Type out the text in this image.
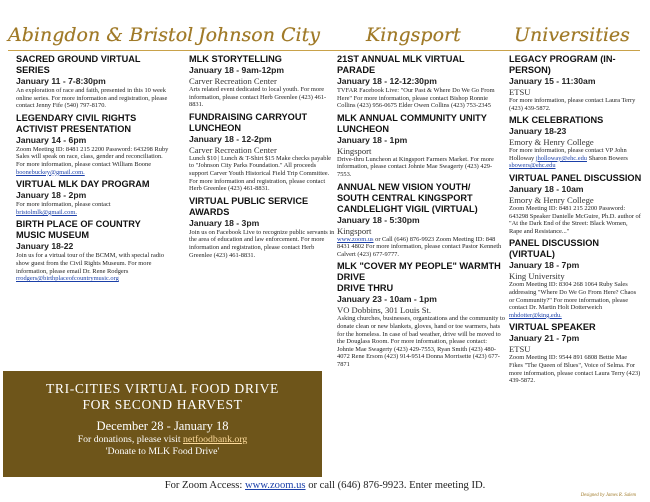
Abingdon & Bristol Johnson City Kingsport	Universities
SACRED GROUND VIRTUAL SERIES
January 11 - 7-8:30pm
An exploration of race and faith, presented in this 10 week online series. For more information and registration, please contact Jenny Fife (540) 797-8170.
LEGENDARY CIVIL RIGHTS ACTIVIST PRESENTATION
January 14 - 6pm
Zoom Meeting ID: 8481 215 2200 Password: 643298 Ruby Sales will speak on race, class, gender and reconciliation. For more information, please contact William Boone boonebuckey@gmail.com.
VIRTUAL MLK DAY PROGRAM
January 18 - 2pm
For more information, please contact bristolmlk@gmail.com.
BIRTH PLACE OF COUNTRY MUSIC MUSEUM
January 18-22
Join us for a virtual tour of the BCMM, with special radio show guest from the Civil Rights Museum. For more information, please email Dr. Rene Rodgers rrodgers@birthplaceofcountrymusic.org
MLK STORYTELLING
January 18 - 9am-12pm
Carver Recreation Center
Arts related event dedicated to local youth. For more information, please contact Herb Greenlee (423) 461-8831.
FUNDRAISING CARRYOUT LUNCHEON
January 18 - 12-2pm
Carver Recreation Center
Lunch $10 | Lunch & T-Shirt $15 Make checks payable to "Johnson City Parks Foundation." All proceeds support Carver Youth Historical Field Trip Committee. For more information and registration, please contact Herb Greenlee (423) 461-8831.
VIRTUAL PUBLIC SERVICE AWARDS
January 18 - 3pm
Join us on Facebook Live to recognize public servants in the area of education and law enforcement. For more information and registration, please contact Herb Greenlee (423) 461-8831.
21ST ANNUAL MLK VIRTUAL PARADE
January 18 - 12-12:30pm
TVFAR Facebook Live: "Our Past & Where Do We Go From Here" For more information, please contact Bishop Ronnie Collins (423) 956-0675 Elder Owen Collins (423) 753-2345
MLK ANNUAL COMMUNITY UNITY LUNCHEON
January 18 - 1pm
Kingsport
Drive-thru Luncheon at Kingsport Farmers Market. For more information, please contact Johnie Mae Swagerty (423) 429-7553.
ANNUAL NEW VISION YOUTH/ SOUTH CENTRAL KINGSPORT CANDLELIGHT VIGIL (VIRTUAL)
January 18 - 5:30pm
Kingsport
www.zoom.us or Call (646) 876-9923 Zoom Meeting ID: 848 8431 4802 For more information, please contact Pastor Kenneth Calvert (423) 677-9777.
MLK "COVER MY PEOPLE" WARMTH DRIVE
DRIVE THRU
January 23 - 10am - 1pm
VO Dobbins, 301 Louis St.
Asking churches, businesses, organizations and the community to donate clean or new blankets, gloves, hand or toe warmers, hats for the homeless. In case of bad weather, drive will be moved to the Douglass Room. For more information, please contact: Johnie Mae Swagerty (423) 429-7553, Ryan Smith (423) 480-4072 Rene Ersom (423) 914-9514 Donna Morrisette (423) 677-7871
LEGACY PROGRAM (IN-PERSON)
January 15 - 11:30am
ETSU
For more information, please contact Laura Terry (423) 439-5872.
MLK CELEBRATIONS
January 18-23
Emory & Henry College
For more information, please contact VP John Holloway jholloway@ehc.edu Sharon Bowers sbowers@ehc.edu
VIRTUAL PANEL DISCUSSION
January 18 - 10am
Emory & Henry College
Zoom Meeting ID: 8481 215 2200 Password: 643298 Speaker Danielle McGuire, Ph.D. author of "At the Dark End of the Street: Black Women, Rape and Resistance..."
PANEL DISCUSSION (VIRTUAL)
January 18 - 7pm
King University
Zoom Meeting ID: 8304 268 1064 Ruby Sales addressing "Where Do We Go From Here? Chaos or Community?" For more information, please contact Dr. Martin Holt Dotterweich mhdotter@king.edu.
VIRTUAL SPEAKER
January 21 - 7pm
ETSU
Zoom Meeting ID: 9544 891 6808 Bettie Mae Fikes "The Queen of Blues", Voice of Selma. For more information, please contact Laura Terry (423) 439-5872.
TRI-CITIES VIRTUAL FOOD DRIVE
FOR SECOND HARVEST
December 28 - January 18
For donations, please visit netfoodbank.org
'Donate to MLK Food Drive'
For Zoom Access: www.zoom.us or call (646) 876-9923. Enter meeting ID.
Designed by James R. Salem
